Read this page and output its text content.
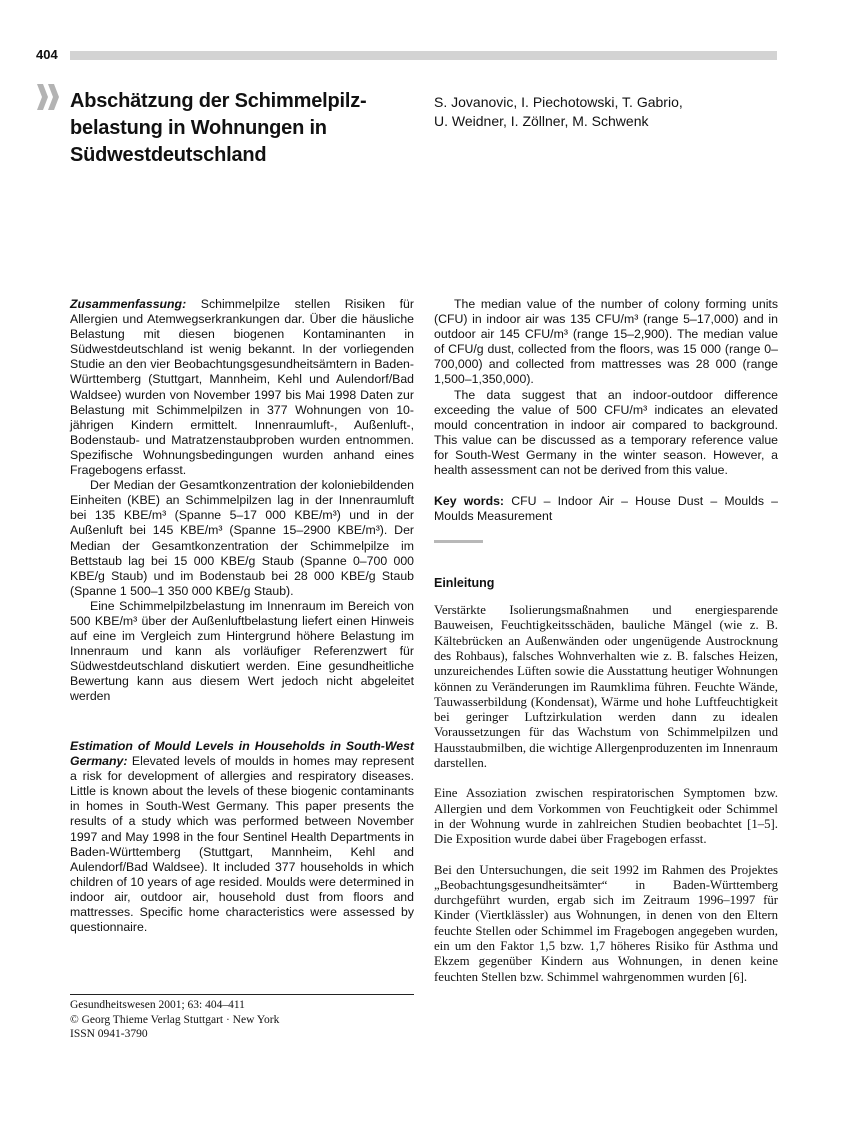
404
Abschätzung der Schimmelpilz-
belastung in Wohnungen in
Südwestdeutschland
S. Jovanovic, I. Piechotowski, T. Gabrio,
U. Weidner, I. Zöllner, M. Schwenk

Zusammenfassung: Schimmelpilze stellen Risiken für Allergien und Atemwegserkrankungen dar. Über die häusliche Belastung mit diesen biogenen Kontaminanten in Südwestdeutschland ist wenig bekannt. In der vorliegenden Studie an den vier Beobachtungsgesundheitsämtern in Baden-Württemberg (Stuttgart, Mannheim, Kehl und Aulendorf/Bad Waldsee) wurden von November 1997 bis Mai 1998 Daten zur Belastung mit Schimmelpilzen in 377 Wohnungen von 10-jährigen Kindern ermittelt. Innenraumluft-, Außenluft-, Bodenstaub- und Matratzenstaubproben wurden entnommen. Spezifische Wohnungsbedingungen wurden anhand eines Fragebogens erfasst.

Der Median der Gesamtkonzentration der koloniebildenden Einheiten (KBE) an Schimmelpilzen lag in der Innenraumluft bei 135 KBE/m³ (Spanne 5–17 000 KBE/m³) und in der Außenluft bei 145 KBE/m³ (Spanne 15–2900 KBE/m³). Der Median der Gesamtkonzentration der Schimmelpilze im Bettstaub lag bei 15 000 KBE/g Staub (Spanne 0–700 000 KBE/g Staub) und im Bodenstaub bei 28 000 KBE/g Staub (Spanne 1 500–1 350 000 KBE/g Staub).

Eine Schimmelpilzbelastung im Innenraum im Bereich von 500 KBE/m³ über der Außenluftbelastung liefert einen Hinweis auf eine im Vergleich zum Hintergrund höhere Belastung im Innenraum und kann als vorläufiger Referenzwert für Südwestdeutschland diskutiert werden. Eine gesundheitliche Bewertung kann aus diesem Wert jedoch nicht abgeleitet werden

The median value of the number of colony forming units (CFU) in indoor air was 135 CFU/m³ (range 5–17,000) and in outdoor air 145 CFU/m³ (range 15–2,900). The median value of CFU/g dust, collected from the floors, was 15 000 (range 0–700,000) and collected from mattresses was 28 000 (range 1,500–1,350,000).

The data suggest that an indoor-outdoor difference exceeding the value of 500 CFU/m³ indicates an elevated mould concentration in indoor air compared to background. This value can be discussed as a temporary reference value for South-West Germany in the winter season. However, a health assessment can not be derived from this value.

Key words: CFU – Indoor Air – House Dust – Moulds – Moulds Measurement

Estimation of Mould Levels in Households in South-West Germany: Elevated levels of moulds in homes may represent a risk for development of allergies and respiratory diseases. Little is known about the levels of these biogenic contaminants in homes in South-West Germany. This paper presents the results of a study which was performed between November 1997 and May 1998 in the four Sentinel Health Departments in Baden-Württemberg (Stuttgart, Mannheim, Kehl and Aulendorf/Bad Waldsee). It included 377 households in which children of 10 years of age resided. Moulds were determined in indoor air, outdoor air, household dust from floors and mattresses. Specific home characteristics were assessed by questionnaire.

Einleitung

Verstärkte Isolierungsmaßnahmen und energiesparende Bauweisen, Feuchtigkeitsschäden, bauliche Mängel (wie z. B. Kältebrücken an Außenwänden oder ungenügende Austrocknung des Rohbaus), falsches Wohnverhalten wie z. B. falsches Heizen, unzureichendes Lüften sowie die Ausstattung heutiger Wohnungen können zu Veränderungen im Raumklima führen. Feuchte Wände, Tauwasserbildung (Kondensat), Wärme und hohe Luftfeuchtigkeit bei geringer Luftzirkulation werden dann zu idealen Voraussetzungen für das Wachstum von Schimmelpilzen und Hausstaubmilben, die wichtige Allergenproduzenten im Innenraum darstellen.

Eine Assoziation zwischen respiratorischen Symptomen bzw. Allergien und dem Vorkommen von Feuchtigkeit oder Schimmel in der Wohnung wurde in zahlreichen Studien beobachtet [1–5]. Die Exposition wurde dabei über Fragebogen erfasst.

Bei den Untersuchungen, die seit 1992 im Rahmen des Projektes „Beobachtungsgesundheitsämter“ in Baden-Württemberg durchgeführt wurden, ergab sich im Zeitraum 1996–1997 für Kinder (Viertklässler) aus Wohnungen, in denen von den Eltern feuchte Stellen oder Schimmel im Fragebogen angegeben wurden, ein um den Faktor 1,5 bzw. 1,7 höheres Risiko für Asthma und Ekzem gegenüber Kindern aus Wohnungen, in denen keine feuchten Stellen bzw. Schimmel wahrgenommen wurden [6].

Gesundheitswesen 2001; 63: 404–411
© Georg Thieme Verlag Stuttgart · New York
ISSN 0941-3790
